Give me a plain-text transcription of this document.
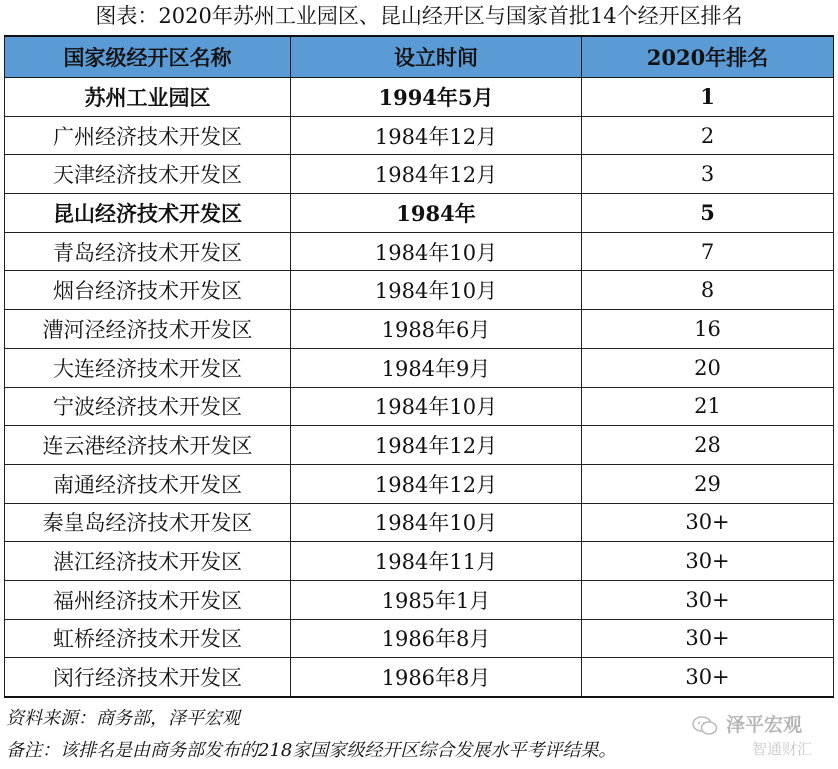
图表：2020年苏州工业园区、昆山经开区与国家首批14个经开区排名
国家级经开区名称	设立时间	2020年排名
苏州工业园区	1994年5月	1
广州经济技术开发区	1984年12月	2
天津经济技术开发区	1984年12月	3
昆山经济技术开发区	1984年	5
青岛经济技术开发区	1984年10月	7
烟台经济技术开发区	1984年10月	8
漕河泾经济技术开发区	1988年6月	16
大连经济技术开发区	1984年9月	20
宁波经济技术开发区	1984年10月	21
连云港经济技术开发区	1984年12月	28
南通经济技术开发区	1984年12月	29
秦皇岛经济技术开发区	1984年10月	30+
湛江经济技术开发区	1984年11月	30+
福州经济技术开发区	1985年1月	30+
虹桥经济技术开发区	1986年8月	30+
闵行经济技术开发区	1986年8月	30+
资料来源：商务部，泽平宏观
备注：该排名是由商务部发布的218家国家级经开区综合发展水平考评结果。
泽平宏观
智通财汇
